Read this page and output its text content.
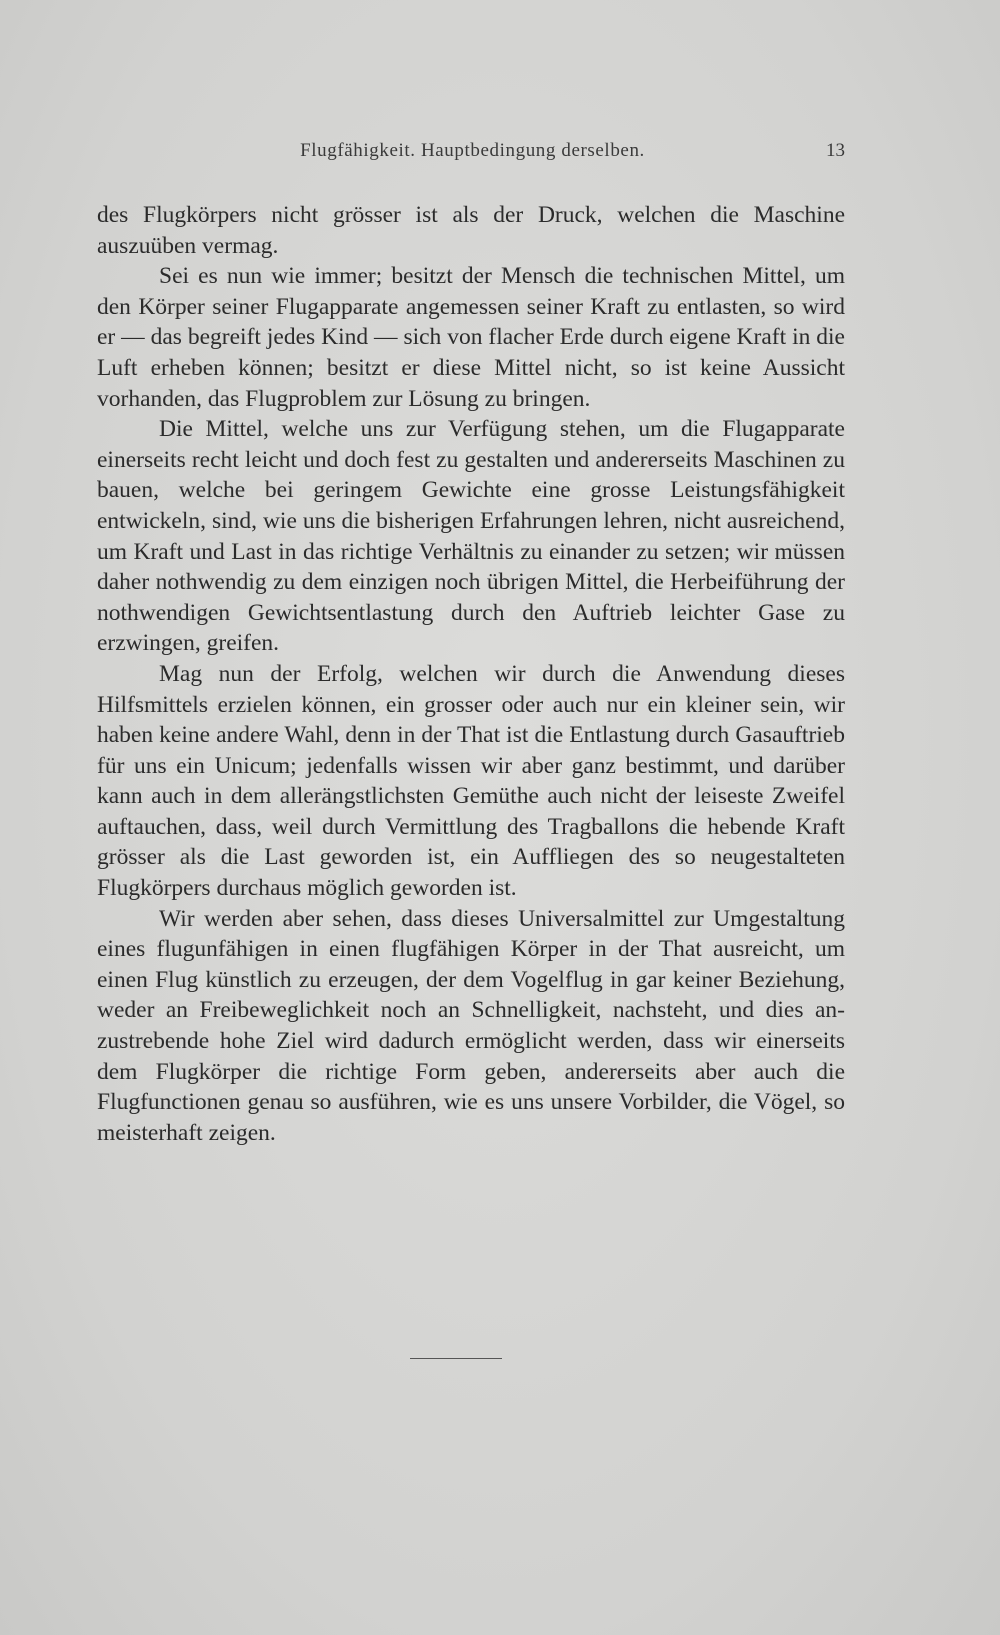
Flugfähigkeit. Hauptbedingung derselben.	13

des Flugkörpers nicht grösser ist als der Druck, welchen die Maschine auszuüben vermag.

Sei es nun wie immer; besitzt der Mensch die technischen Mittel, um den Körper seiner Flugapparate angemessen seiner Kraft zu entlasten, so wird er — das begreift jedes Kind — sich von flacher Erde durch eigene Kraft in die Luft erheben können; besitzt er diese Mittel nicht, so ist keine Aussicht vorhanden, das Flugproblem zur Lösung zu bringen.

Die Mittel, welche uns zur Verfügung stehen, um die Flugapparate einerseits recht leicht und doch fest zu gestalten und andererseits Maschinen zu bauen, welche bei geringem Gewichte eine grosse Leistungsfähigkeit entwickeln, sind, wie uns die bisherigen Erfahrungen lehren, nicht ausreichend, um Kraft und Last in das richtige Verhältnis zu einander zu setzen; wir müssen daher nothwendig zu dem einzigen noch übrigen Mittel, die Herbeiführung der nothwendigen Gewichtsentlastung durch den Auftrieb leichter Gase zu erzwingen, greifen.

Mag nun der Erfolg, welchen wir durch die Anwendung dieses Hilfsmittels erzielen können, ein grosser oder auch nur ein kleiner sein, wir haben keine andere Wahl, denn in der That ist die Entlastung durch Gasauftrieb für uns ein Unicum; jedenfalls wissen wir aber ganz bestimmt, und darüber kann auch in dem allerängstlichsten Gemüthe auch nicht der leiseste Zweifel auftauchen, dass, weil durch Vermittlung des Tragballons die hebende Kraft grösser als die Last geworden ist, ein Auffliegen des so neugestalteten Flugkörpers durchaus möglich geworden ist.

Wir werden aber sehen, dass dieses Universalmittel zur Umgestaltung eines flugunfähigen in einen flugfähigen Körper in der That ausreicht, um einen Flug künstlich zu erzeugen, der dem Vogelflug in gar keiner Beziehung, weder an Freibeweglichkeit noch an Schnelligkeit, nachsteht, und dies anzustrebende hohe Ziel wird dadurch ermöglicht werden, dass wir einerseits dem Flugkörper die richtige Form geben, andererseits aber auch die Flugfunctionen genau so ausführen, wie es uns unsere Vorbilder, die Vögel, so meisterhaft zeigen.
